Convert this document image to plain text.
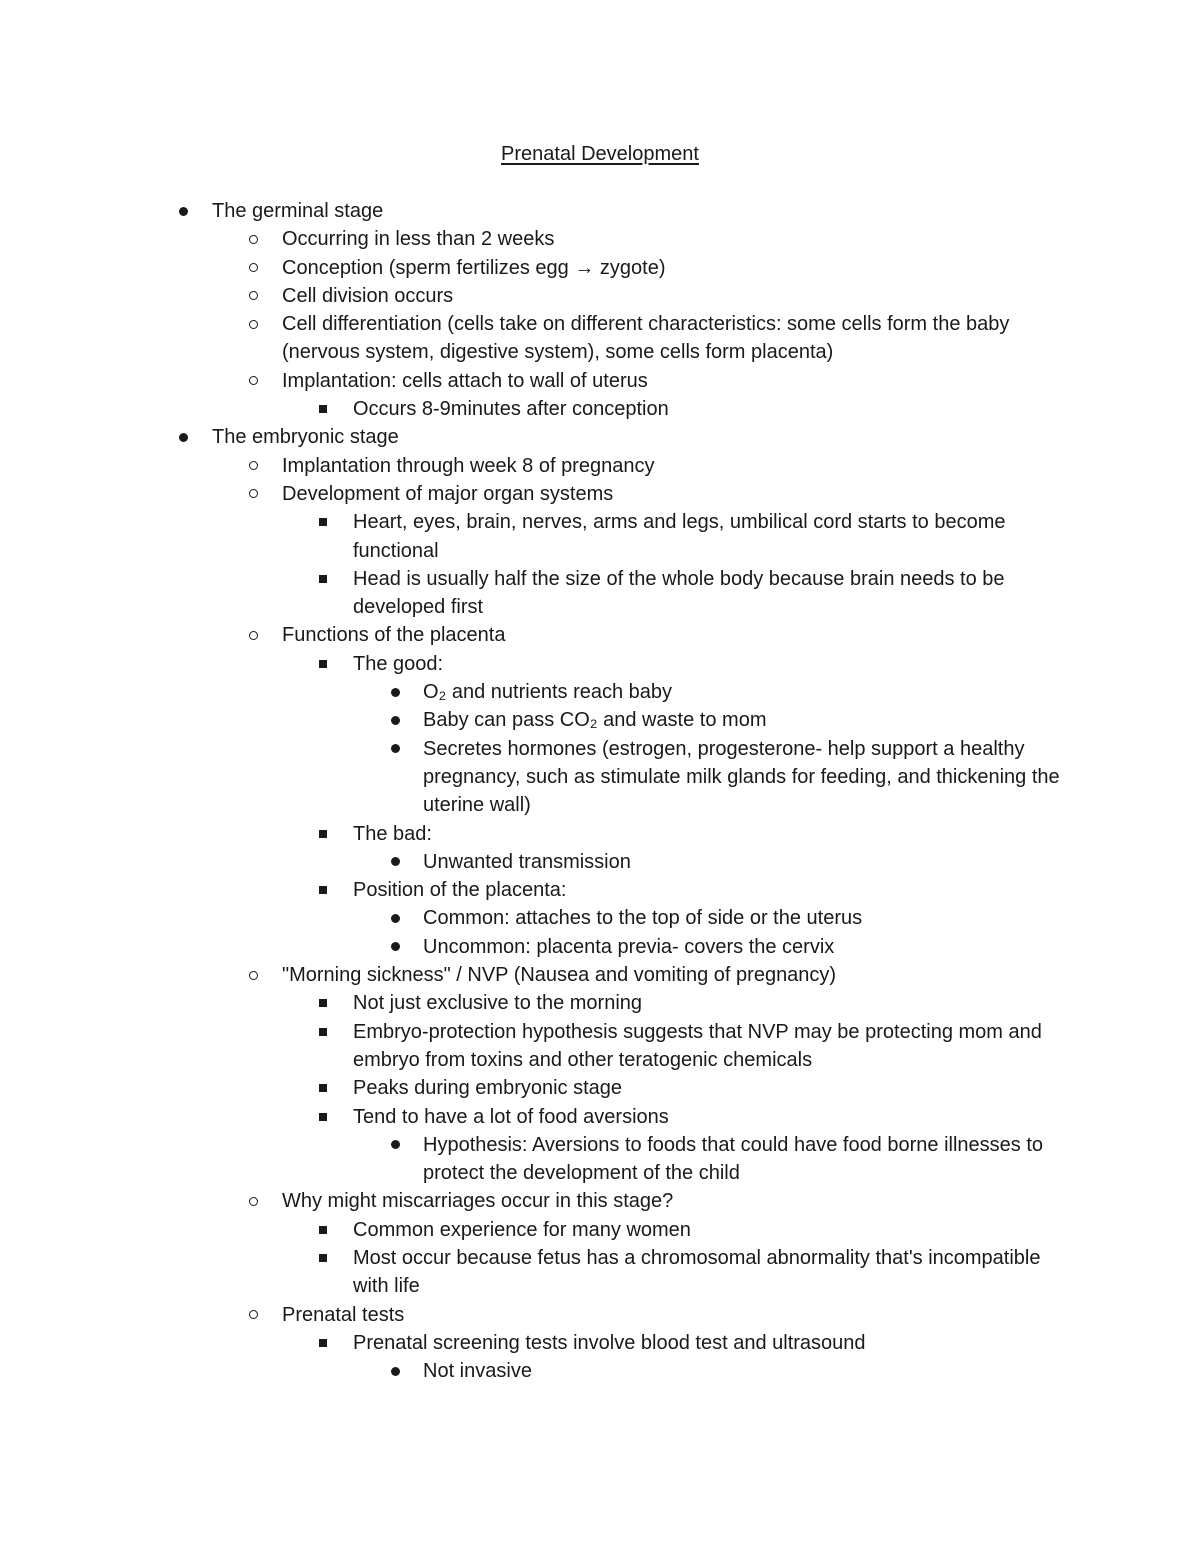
Prenatal Development
The germinal stage
Occurring in less than 2 weeks
Conception (sperm fertilizes egg → zygote)
Cell division occurs
Cell differentiation (cells take on different characteristics: some cells form the baby (nervous system, digestive system), some cells form placenta)
Implantation: cells attach to wall of uterus
Occurs 8-9minutes after conception
The embryonic stage
Implantation through week 8 of pregnancy
Development of major organ systems
Heart, eyes, brain, nerves, arms and legs, umbilical cord starts to become functional
Head is usually half the size of the whole body because brain needs to be developed first
Functions of the placenta
The good:
O₂ and nutrients reach baby
Baby can pass CO₂ and waste to mom
Secretes hormones (estrogen, progesterone- help support a healthy pregnancy, such as stimulate milk glands for feeding, and thickening the uterine wall)
The bad:
Unwanted transmission
Position of the placenta:
Common: attaches to the top of side or the uterus
Uncommon: placenta previa- covers the cervix
"Morning sickness" / NVP (Nausea and vomiting of pregnancy)
Not just exclusive to the morning
Embryo-protection hypothesis suggests that NVP may be protecting mom and embryo from toxins and other teratogenic chemicals
Peaks during embryonic stage
Tend to have a lot of food aversions
Hypothesis: Aversions to foods that could have food borne illnesses to protect the development of the child
Why might miscarriages occur in this stage?
Common experience for many women
Most occur because fetus has a chromosomal abnormality that's incompatible with life
Prenatal tests
Prenatal screening tests involve blood test and ultrasound
Not invasive
